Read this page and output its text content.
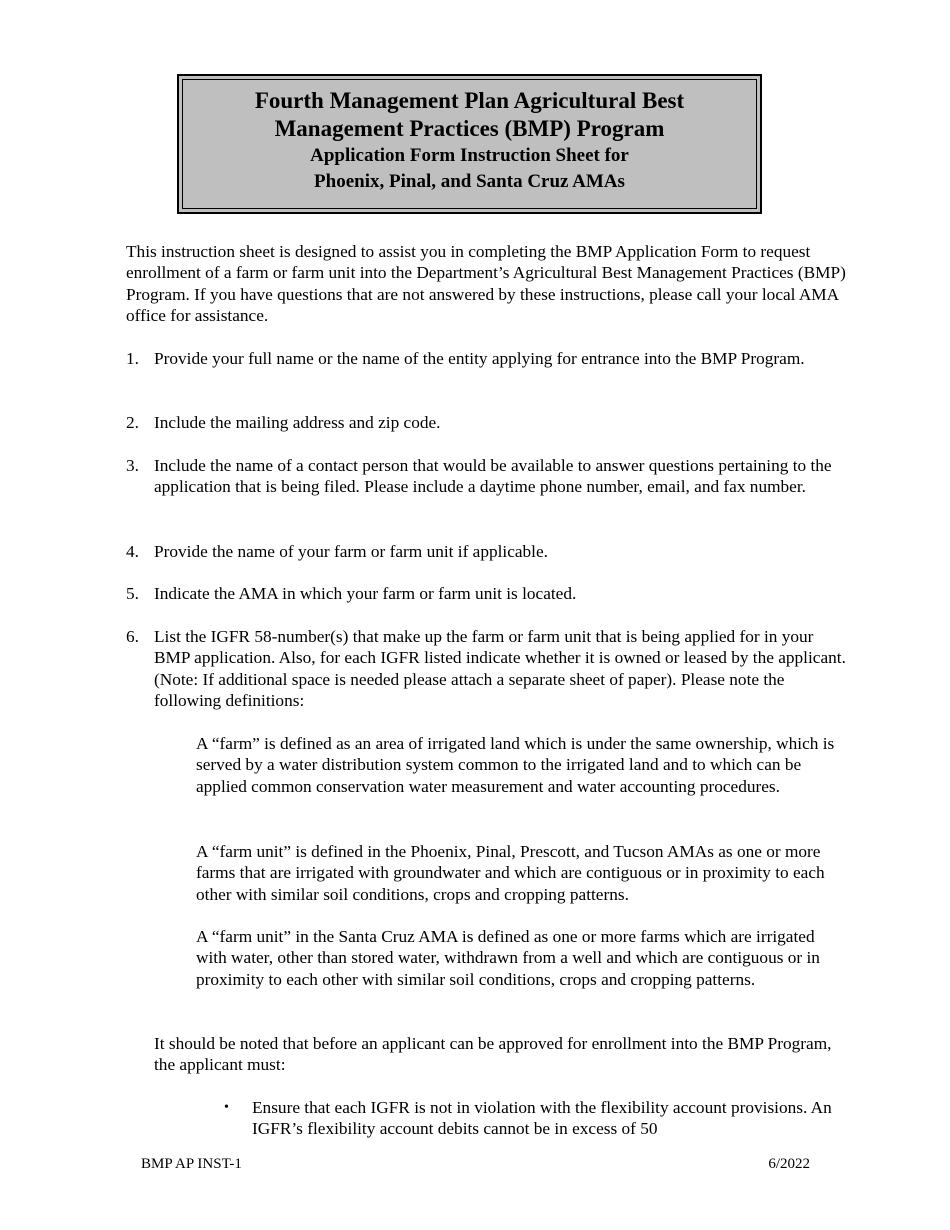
Fourth Management Plan Agricultural Best
Management Practices (BMP) Program
Application Form Instruction Sheet for
Phoenix, Pinal, and Santa Cruz AMAs

This instruction sheet is designed to assist you in completing the BMP Application Form to request enrollment of a farm or farm unit into the Department’s Agricultural Best Management Practices (BMP) Program. If you have questions that are not answered by these instructions, please call your local AMA office for assistance.

1. Provide your full name or the name of the entity applying for entrance into the BMP Program.
2. Include the mailing address and zip code.
3. Include the name of a contact person that would be available to answer questions pertaining to the application that is being filed. Please include a daytime phone number, email, and fax number.
4. Provide the name of your farm or farm unit if applicable.
5. Indicate the AMA in which your farm or farm unit is located.
6. List the IGFR 58-number(s) that make up the farm or farm unit that is being applied for in your BMP application. Also, for each IGFR listed indicate whether it is owned or leased by the applicant. (Note: If additional space is needed please attach a separate sheet of paper). Please note the following definitions:

A “farm” is defined as an area of irrigated land which is under the same ownership, which is served by a water distribution system common to the irrigated land and to which can be applied common conservation water measurement and water accounting procedures.

A “farm unit” is defined in the Phoenix, Pinal, Prescott, and Tucson AMAs as one or more farms that are irrigated with groundwater and which are contiguous or in proximity to each other with similar soil conditions, crops and cropping patterns.

A “farm unit” in the Santa Cruz AMA is defined as one or more farms which are irrigated with water, other than stored water, withdrawn from a well and which are contiguous or in proximity to each other with similar soil conditions, crops and cropping patterns.

It should be noted that before an applicant can be approved for enrollment into the BMP Program, the applicant must:

• Ensure that each IGFR is not in violation with the flexibility account provisions. An IGFR’s flexibility account debits cannot be in excess of 50
BMP AP INST-1	6/2022
